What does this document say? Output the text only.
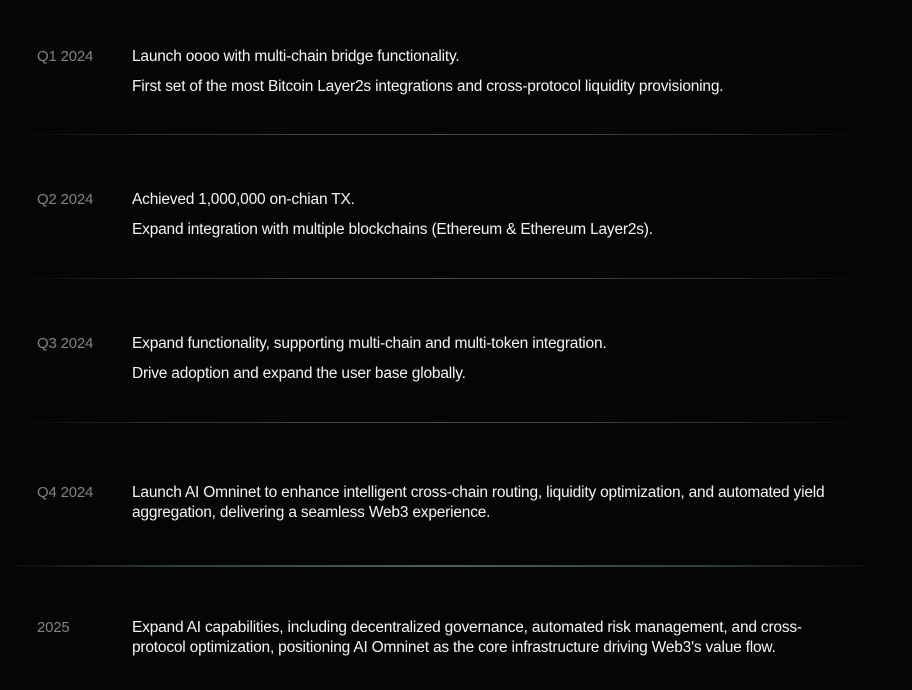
Q1 2024	Launch oooo with multi-chain bridge functionality.
First set of the most Bitcoin Layer2s integrations and cross-protocol liquidity provisioning.
Q2 2024	Achieved 1,000,000 on-chian TX.
Expand integration with multiple blockchains (Ethereum & Ethereum Layer2s).
Q3 2024	Expand functionality, supporting multi-chain and multi-token integration.
Drive adoption and expand the user base globally.
Q4 2024	Launch AI Omninet to enhance intelligent cross-chain routing, liquidity optimization, and automated yield aggregation, delivering a seamless Web3 experience.
2025	Expand AI capabilities, including decentralized governance, automated risk management, and cross-protocol optimization, positioning AI Omninet as the core infrastructure driving Web3's value flow.
